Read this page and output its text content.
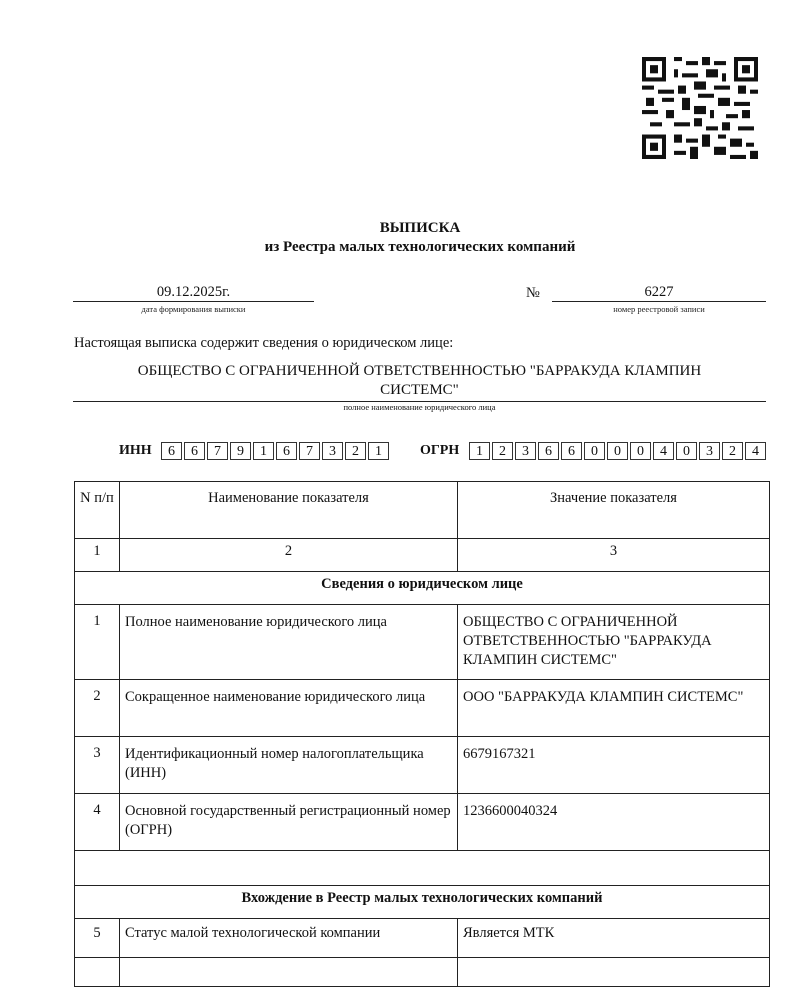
ВЫПИСКА
из Реестра малых технологических компаний
09.12.2025г.
дата формирования выписки
№	6227
номер реестровой записи
Настоящая выписка содержит сведения о юридическом лице:
ОБЩЕСТВО С ОГРАНИЧЕННОЙ ОТВЕТСТВЕННОСТЬЮ "БАРРАКУДА КЛАМПИН
СИСТЕМС"
полное наименование юридического лица
ИНН	6	6	7	9	1	6	7	3	2	1	ОГРН	1	2	3	6	6	0	0	0	4	0	3	2	4
N п/п	Наименование показателя	Значение показателя
1	2	3
Сведения о юридическом лице		
1	Полное наименование юридического лица	ОБЩЕСТВО С ОГРАНИЧЕННОЙ ОТВЕТСТВЕННОСТЬЮ "БАРРАКУДА КЛАМПИН СИСТЕМС"
2	Сокращенное наименование юридического лица	ООО "БАРРАКУДА КЛАМПИН СИСТЕМС"
3	Идентификационный номер налогоплательщика (ИНН)	6679167321
4	Основной государственный регистрационный номер (ОГРН)	1236600040324

Вхождение в Реестр малых технологических компаний		
5	Статус малой технологической компании	Является МТК
